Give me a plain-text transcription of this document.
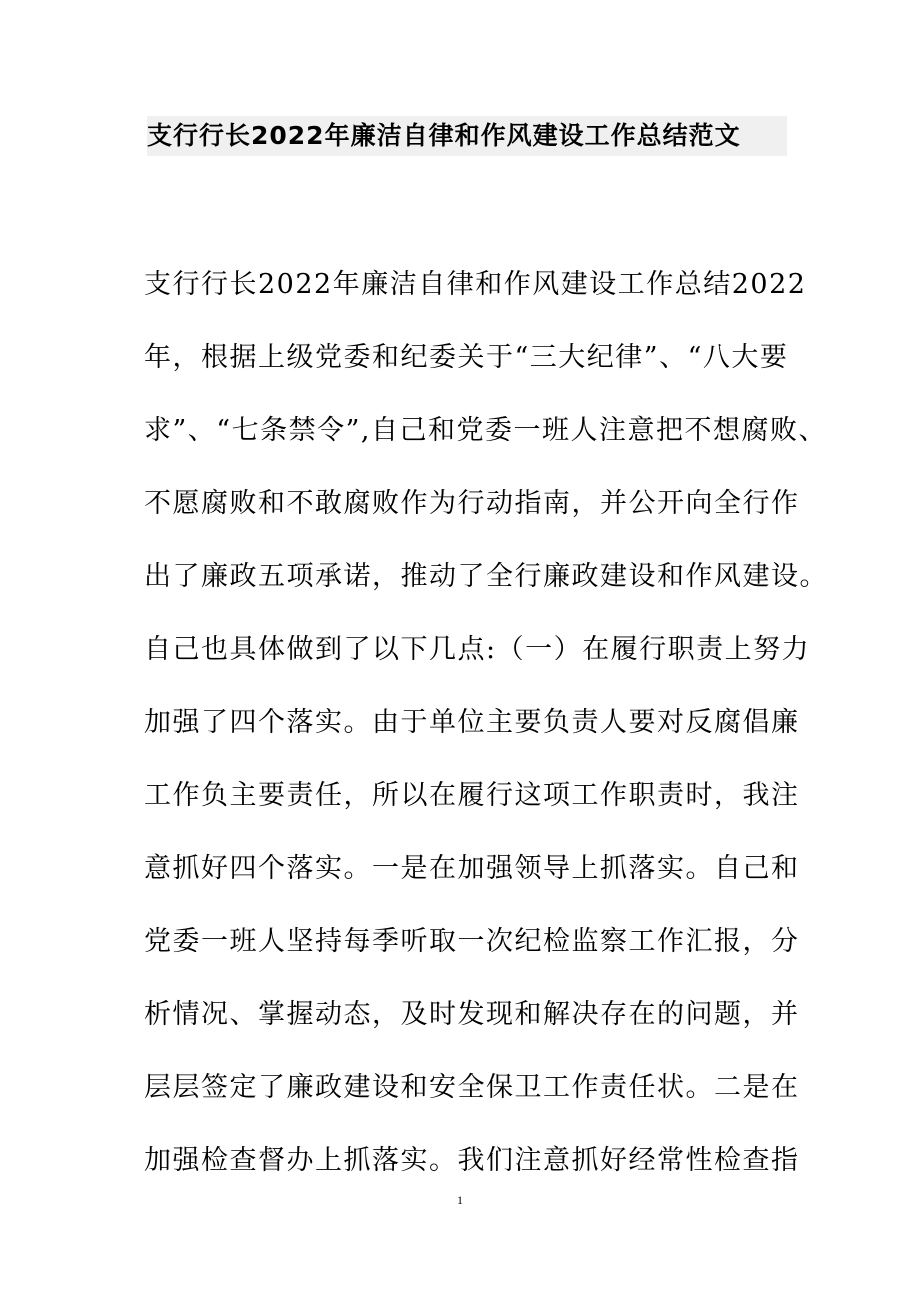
支行行长2022年廉洁自律和作风建设工作总结范文
支行行长2022年廉洁自律和作风建设工作总结2022
年，根据上级党委和纪委关于“三大纪律”、“八大要
求”、“七条禁令”,自己和党委一班人注意把不想腐败、
不愿腐败和不敢腐败作为行动指南，并公开向全行作
出了廉政五项承诺，推动了全行廉政建设和作风建设。
自己也具体做到了以下几点:（一）在履行职责上努力
加强了四个落实。由于单位主要负责人要对反腐倡廉
工作负主要责任，所以在履行这项工作职责时，我注
意抓好四个落实。一是在加强领导上抓落实。自己和
党委一班人坚持每季听取一次纪检监察工作汇报，分
析情况、掌握动态，及时发现和解决存在的问题，并
层层签定了廉政建设和安全保卫工作责任状。二是在
加强检查督办上抓落实。我们注意抓好经常性检查指
1
